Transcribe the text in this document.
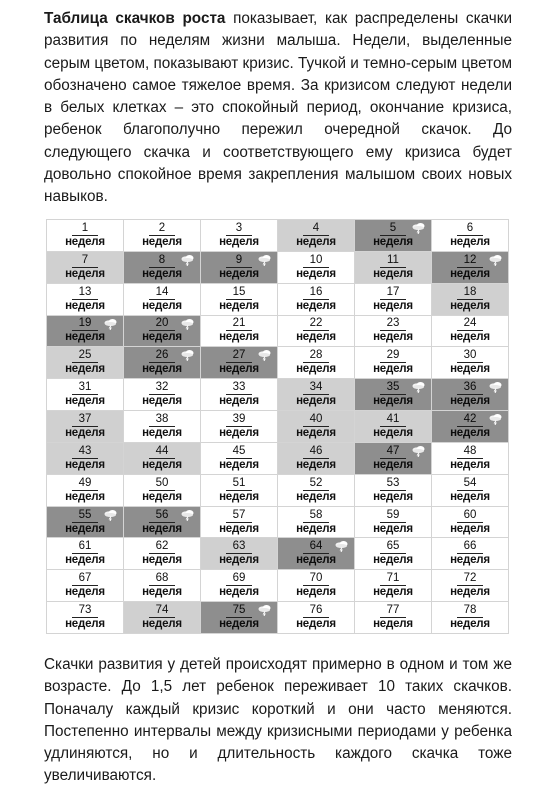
Таблица скачков роста показывает, как распределены скачки развития по неделям жизни малыша. Недели, выделенные серым цветом, показывают кризис. Тучкой и темно-серым цветом обозначено самое тяжелое время. За кризисом следуют недели в белых клетках – это спокойный период, окончание кризиса, ребенок благополучно пережил очередной скачок. До следующего скачка и соответствующего ему кризиса будет довольно спокойное время закрепления малышом своих новых навыков.

1
неделя
2
неделя
3
неделя
4
неделя
5
неделя
6
неделя
7
неделя
8
неделя
9
неделя
10
неделя
11
неделя
12
неделя
13
неделя
14
неделя
15
неделя
16
неделя
17
неделя
18
неделя
19
неделя
20
неделя
21
неделя
22
неделя
23
неделя
24
неделя
25
неделя
26
неделя
27
неделя
28
неделя
29
неделя
30
неделя
31
неделя
32
неделя
33
неделя
34
неделя
35
неделя
36
неделя
37
неделя
38
неделя
39
неделя
40
неделя
41
неделя
42
неделя
43
неделя
44
неделя
45
неделя
46
неделя
47
неделя
48
неделя
49
неделя
50
неделя
51
неделя
52
неделя
53
неделя
54
неделя
55
неделя
56
неделя
57
неделя
58
неделя
59
неделя
60
неделя
61
неделя
62
неделя
63
неделя
64
неделя
65
неделя
66
неделя
67
неделя
68
неделя
69
неделя
70
неделя
71
неделя
72
неделя
73
неделя
74
неделя
75
неделя
76
неделя
77
неделя
78
неделя

Скачки развития у детей происходят примерно в одном и том же возрасте. До 1,5 лет ребенок переживает 10 таких скачков. Поначалу каждый кризис короткий и они часто меняются. Постепенно интервалы между кризисными периодами у ребенка удлиняются, но и длительность каждого скачка тоже увеличиваются.
